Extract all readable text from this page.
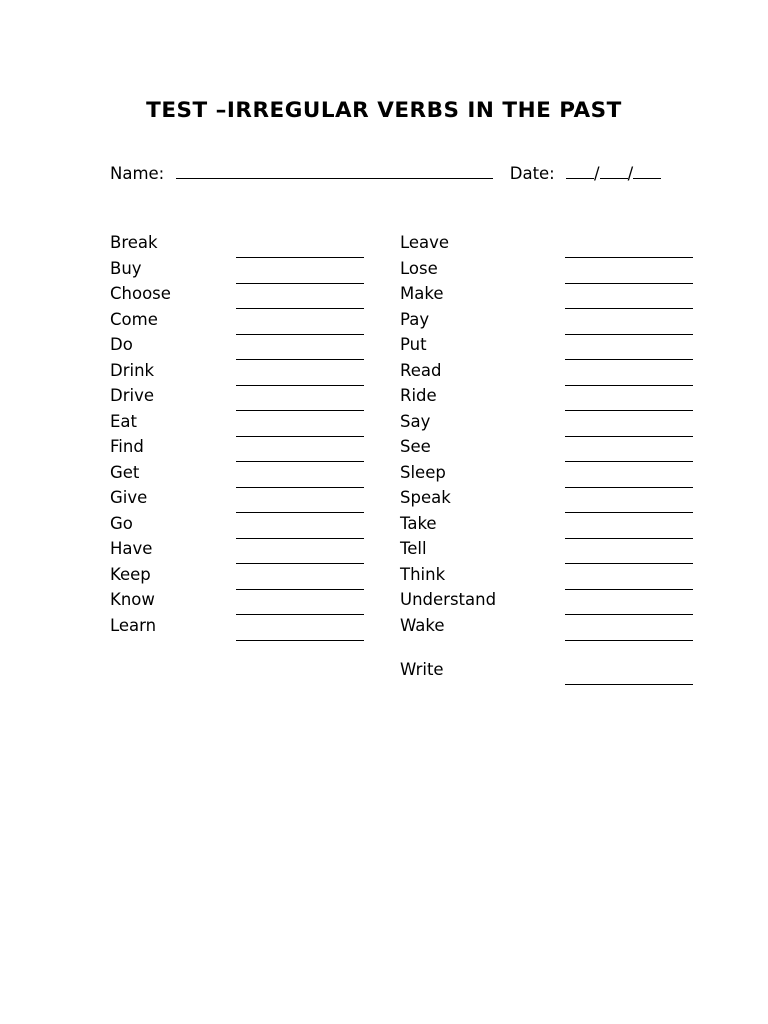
TEST –IRREGULAR VERBS IN THE PAST
Name:	Date: / /
Break
Buy
Choose
Come
Do
Drink
Drive
Eat
Find
Get
Give
Go
Have
Keep
Know
Learn
Leave
Lose
Make
Pay
Put
Read
Ride
Say
See
Sleep
Speak
Take
Tell
Think
Understand
Wake
Write
